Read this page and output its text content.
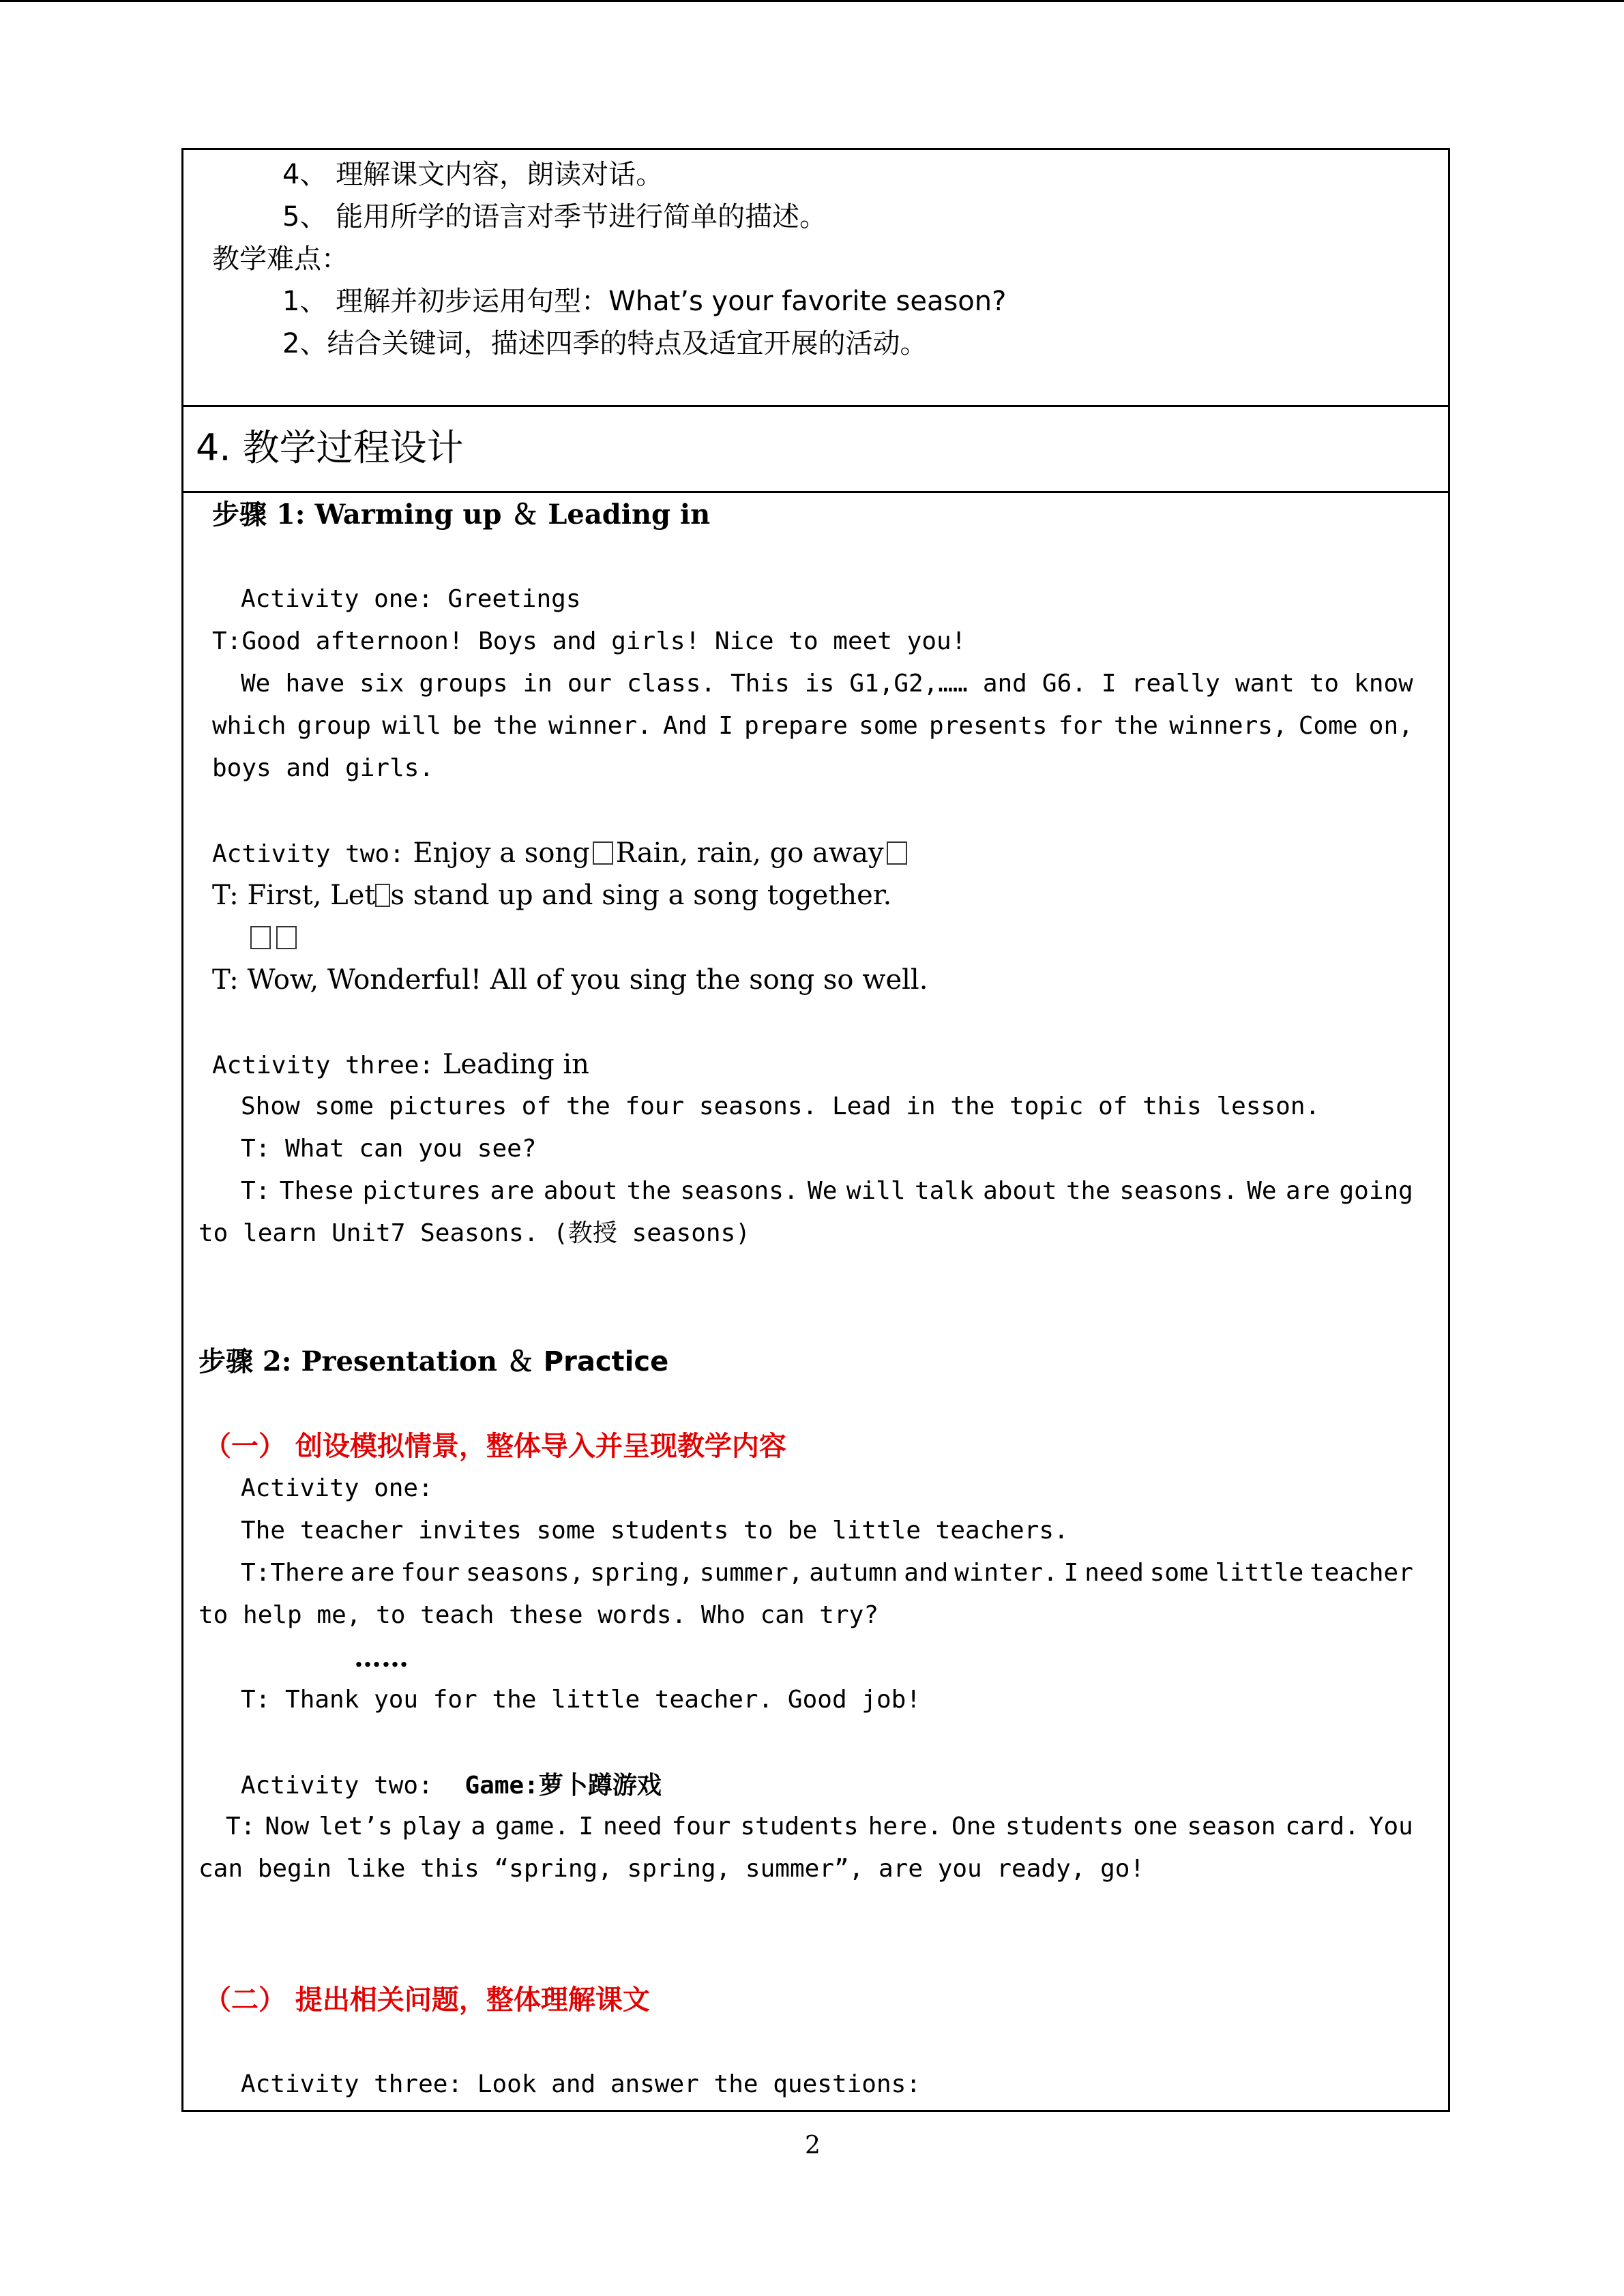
4、 理解课文内容，朗读对话。
5、 能用所学的语言对季节进行简单的描述。
教学难点：
1、 理解并初步运用句型：What’s your favorite season?
2、结合关键词，描述四季的特点及适宜开展的活动。
4. 教学过程设计
步骤 1: Warming up ＆ Leading in
Activity one: Greetings
T:Good afternoon! Boys and girls! Nice to meet you!
We have six groups in our class. This is G1,G2,…… and G6. I really want to know
which group will be the winner. And I prepare some presents for the winners, Come on,
boys and girls.
Activity two: Enjoy a song Rain, rain, go away
T: First, Let s stand up and sing a song together.
T: Wow, Wonderful! All of you sing the song so well.
Activity three: Leading in
Show some pictures of the four seasons. Lead in the topic of this lesson.
T: What can you see?
T: These pictures are about the seasons. We will talk about the seasons. We are going
to learn Unit7 Seasons. (教授 seasons)
步骤 2: Presentation ＆ Practice
（一） 创设模拟情景，整体导入并呈现教学内容
Activity one:
The teacher invites some students to be little teachers.
T:There are four seasons, spring, summer, autumn and winter. I need some little teacher
to help me, to teach these words. Who can try?
……
T: Thank you for the little teacher. Good job!
Activity two: Game:萝卜蹲游戏
T: Now let’s play a game. I need four students here. One students one season card. You
can begin like this “spring, spring, summer”, are you ready, go!
（二） 提出相关问题，整体理解课文
Activity three: Look and answer the questions:
2
